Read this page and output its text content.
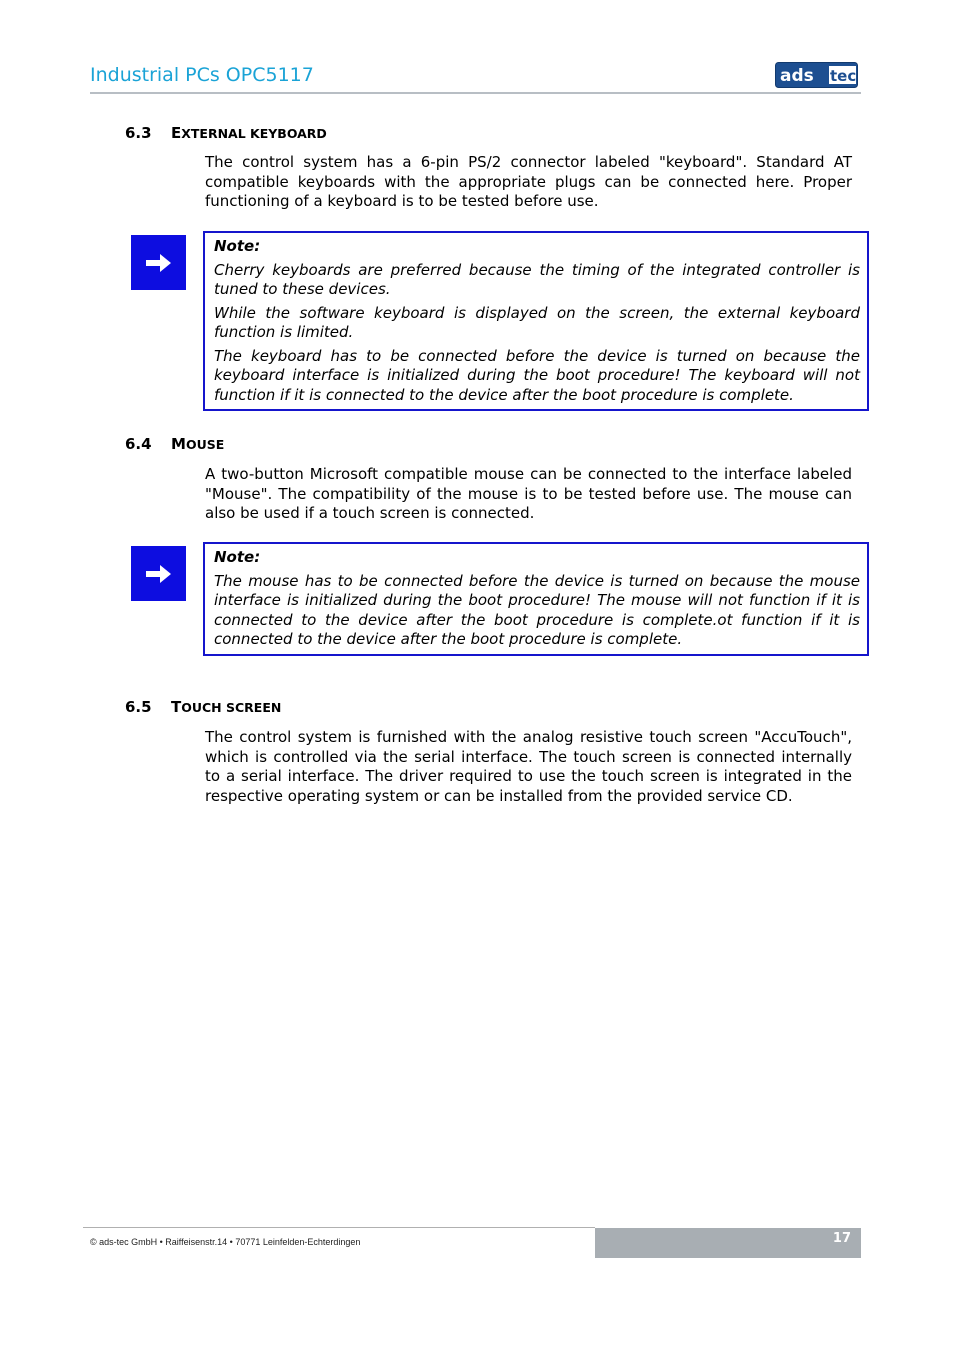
Industrial PCs OPC5117	ads tec
6.3 EXTERNAL KEYBOARD

The control system has a 6-pin PS/2 connector labeled "keyboard". Standard AT compatible keyboards with the appropriate plugs can be connected here. Proper functioning of a keyboard is to be tested before use.

Note:

Cherry keyboards are preferred because the timing of the integrated controller is tuned to these devices.

While the software keyboard is displayed on the screen, the external keyboard function is limited.

The keyboard has to be connected before the device is turned on because the keyboard interface is initialized during the boot procedure! The keyboard will not function if it is connected to the device after the boot procedure is complete.

6.4 MOUSE

A two-button Microsoft compatible mouse can be connected to the interface labeled "Mouse". The compatibility of the mouse is to be tested before use. The mouse can also be used if a touch screen is connected.

Note:

The mouse has to be connected before the device is turned on because the mouse interface is initialized during the boot procedure! The mouse will not function if it is connected to the device after the boot procedure is complete.ot function if it is connected to the device after the boot procedure is complete.

6.5 TOUCH SCREEN

The control system is furnished with the analog resistive touch screen "AccuTouch", which is controlled via the serial interface. The touch screen is connected internally to a serial interface. The driver required to use the touch screen is integrated in the respective operating system or can be installed from the provided service CD.

© ads-tec GmbH • Raiffeisenstr.14 • 70771 Leinfelden-Echterdingen	17
